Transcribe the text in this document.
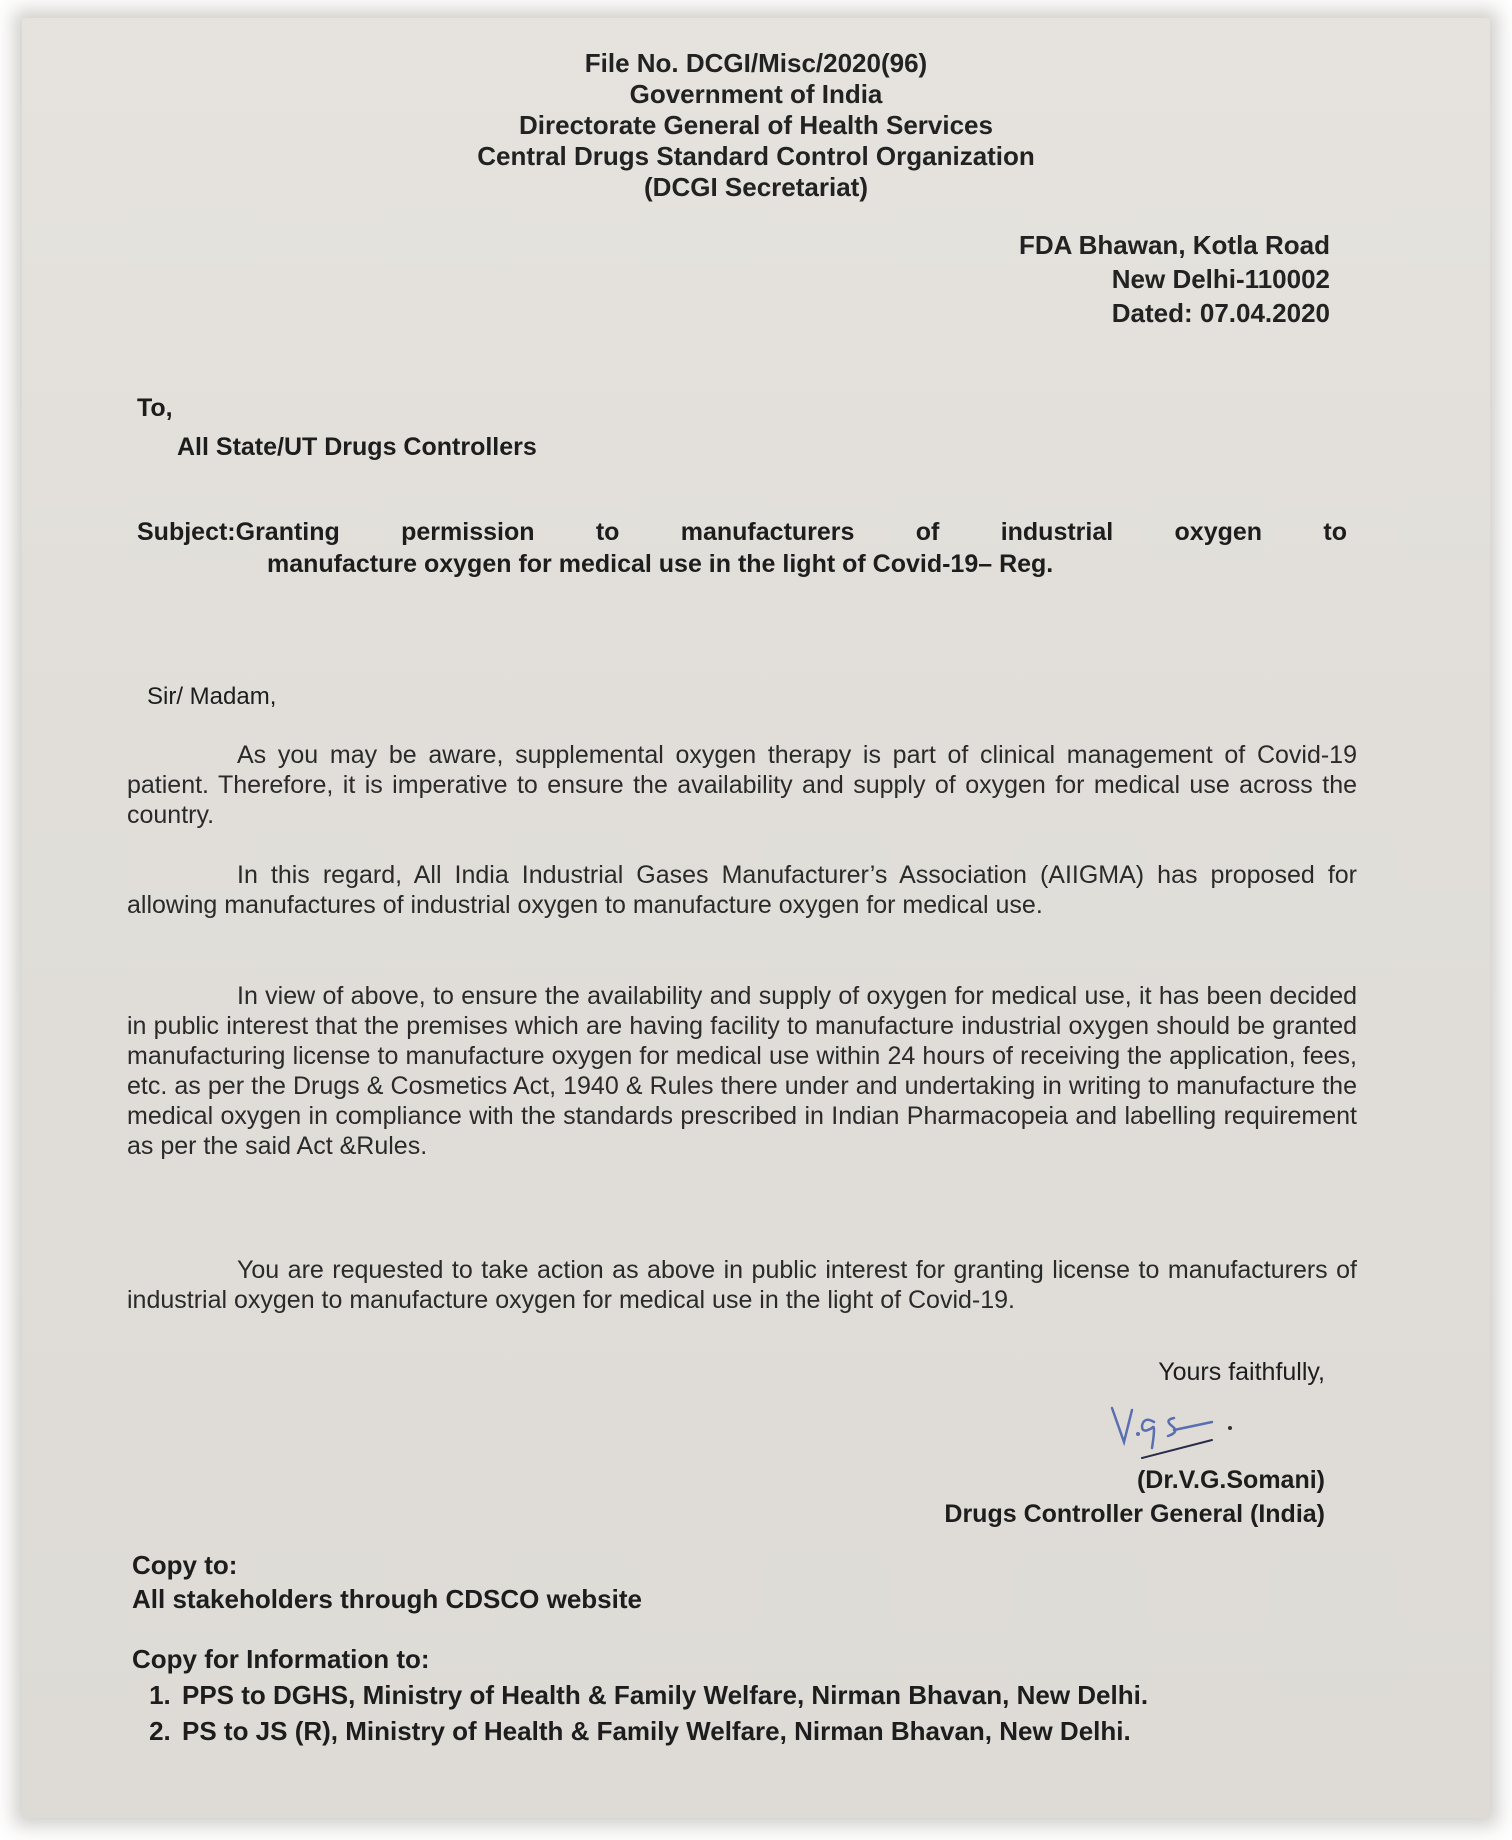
File No. DCGI/Misc/2020(96)
Government of India
Directorate General of Health Services
Central Drugs Standard Control Organization
(DCGI Secretariat)
FDA Bhawan, Kotla Road
New Delhi-110002
Dated: 07.04.2020
To,
All State/UT Drugs Controllers
Subject:Granting permission to manufacturers of industrial oxygen to
manufacture oxygen for medical use in the light of Covid-19– Reg.
Sir/ Madam,
As you may be aware, supplemental oxygen therapy is part of clinical management of Covid-19 patient. Therefore, it is imperative to ensure the availability and supply of oxygen for medical use across the country.
In this regard, All India Industrial Gases Manufacturer’s Association (AIIGMA) has proposed for allowing manufactures of industrial oxygen to manufacture oxygen for medical use.
In view of above, to ensure the availability and supply of oxygen for medical use, it has been decided in public interest that the premises which are having facility to manufacture industrial oxygen should be granted manufacturing license to manufacture oxygen for medical use within 24 hours of receiving the application, fees, etc. as per the Drugs & Cosmetics Act, 1940 & Rules there under and undertaking in writing to manufacture the medical oxygen in compliance with the standards prescribed in Indian Pharmacopeia and labelling requirement as per the said Act &Rules.
You are requested to take action as above in public interest for granting license to manufacturers of industrial oxygen to manufacture oxygen for medical use in the light of Covid-19.
Yours faithfully,
(Dr.V.G.Somani)
Drugs Controller General (India)
Copy to:
All stakeholders through CDSCO website
Copy for Information to:
1. PPS to DGHS, Ministry of Health & Family Welfare, Nirman Bhavan, New Delhi.
2. PS to JS (R), Ministry of Health & Family Welfare, Nirman Bhavan, New Delhi.
